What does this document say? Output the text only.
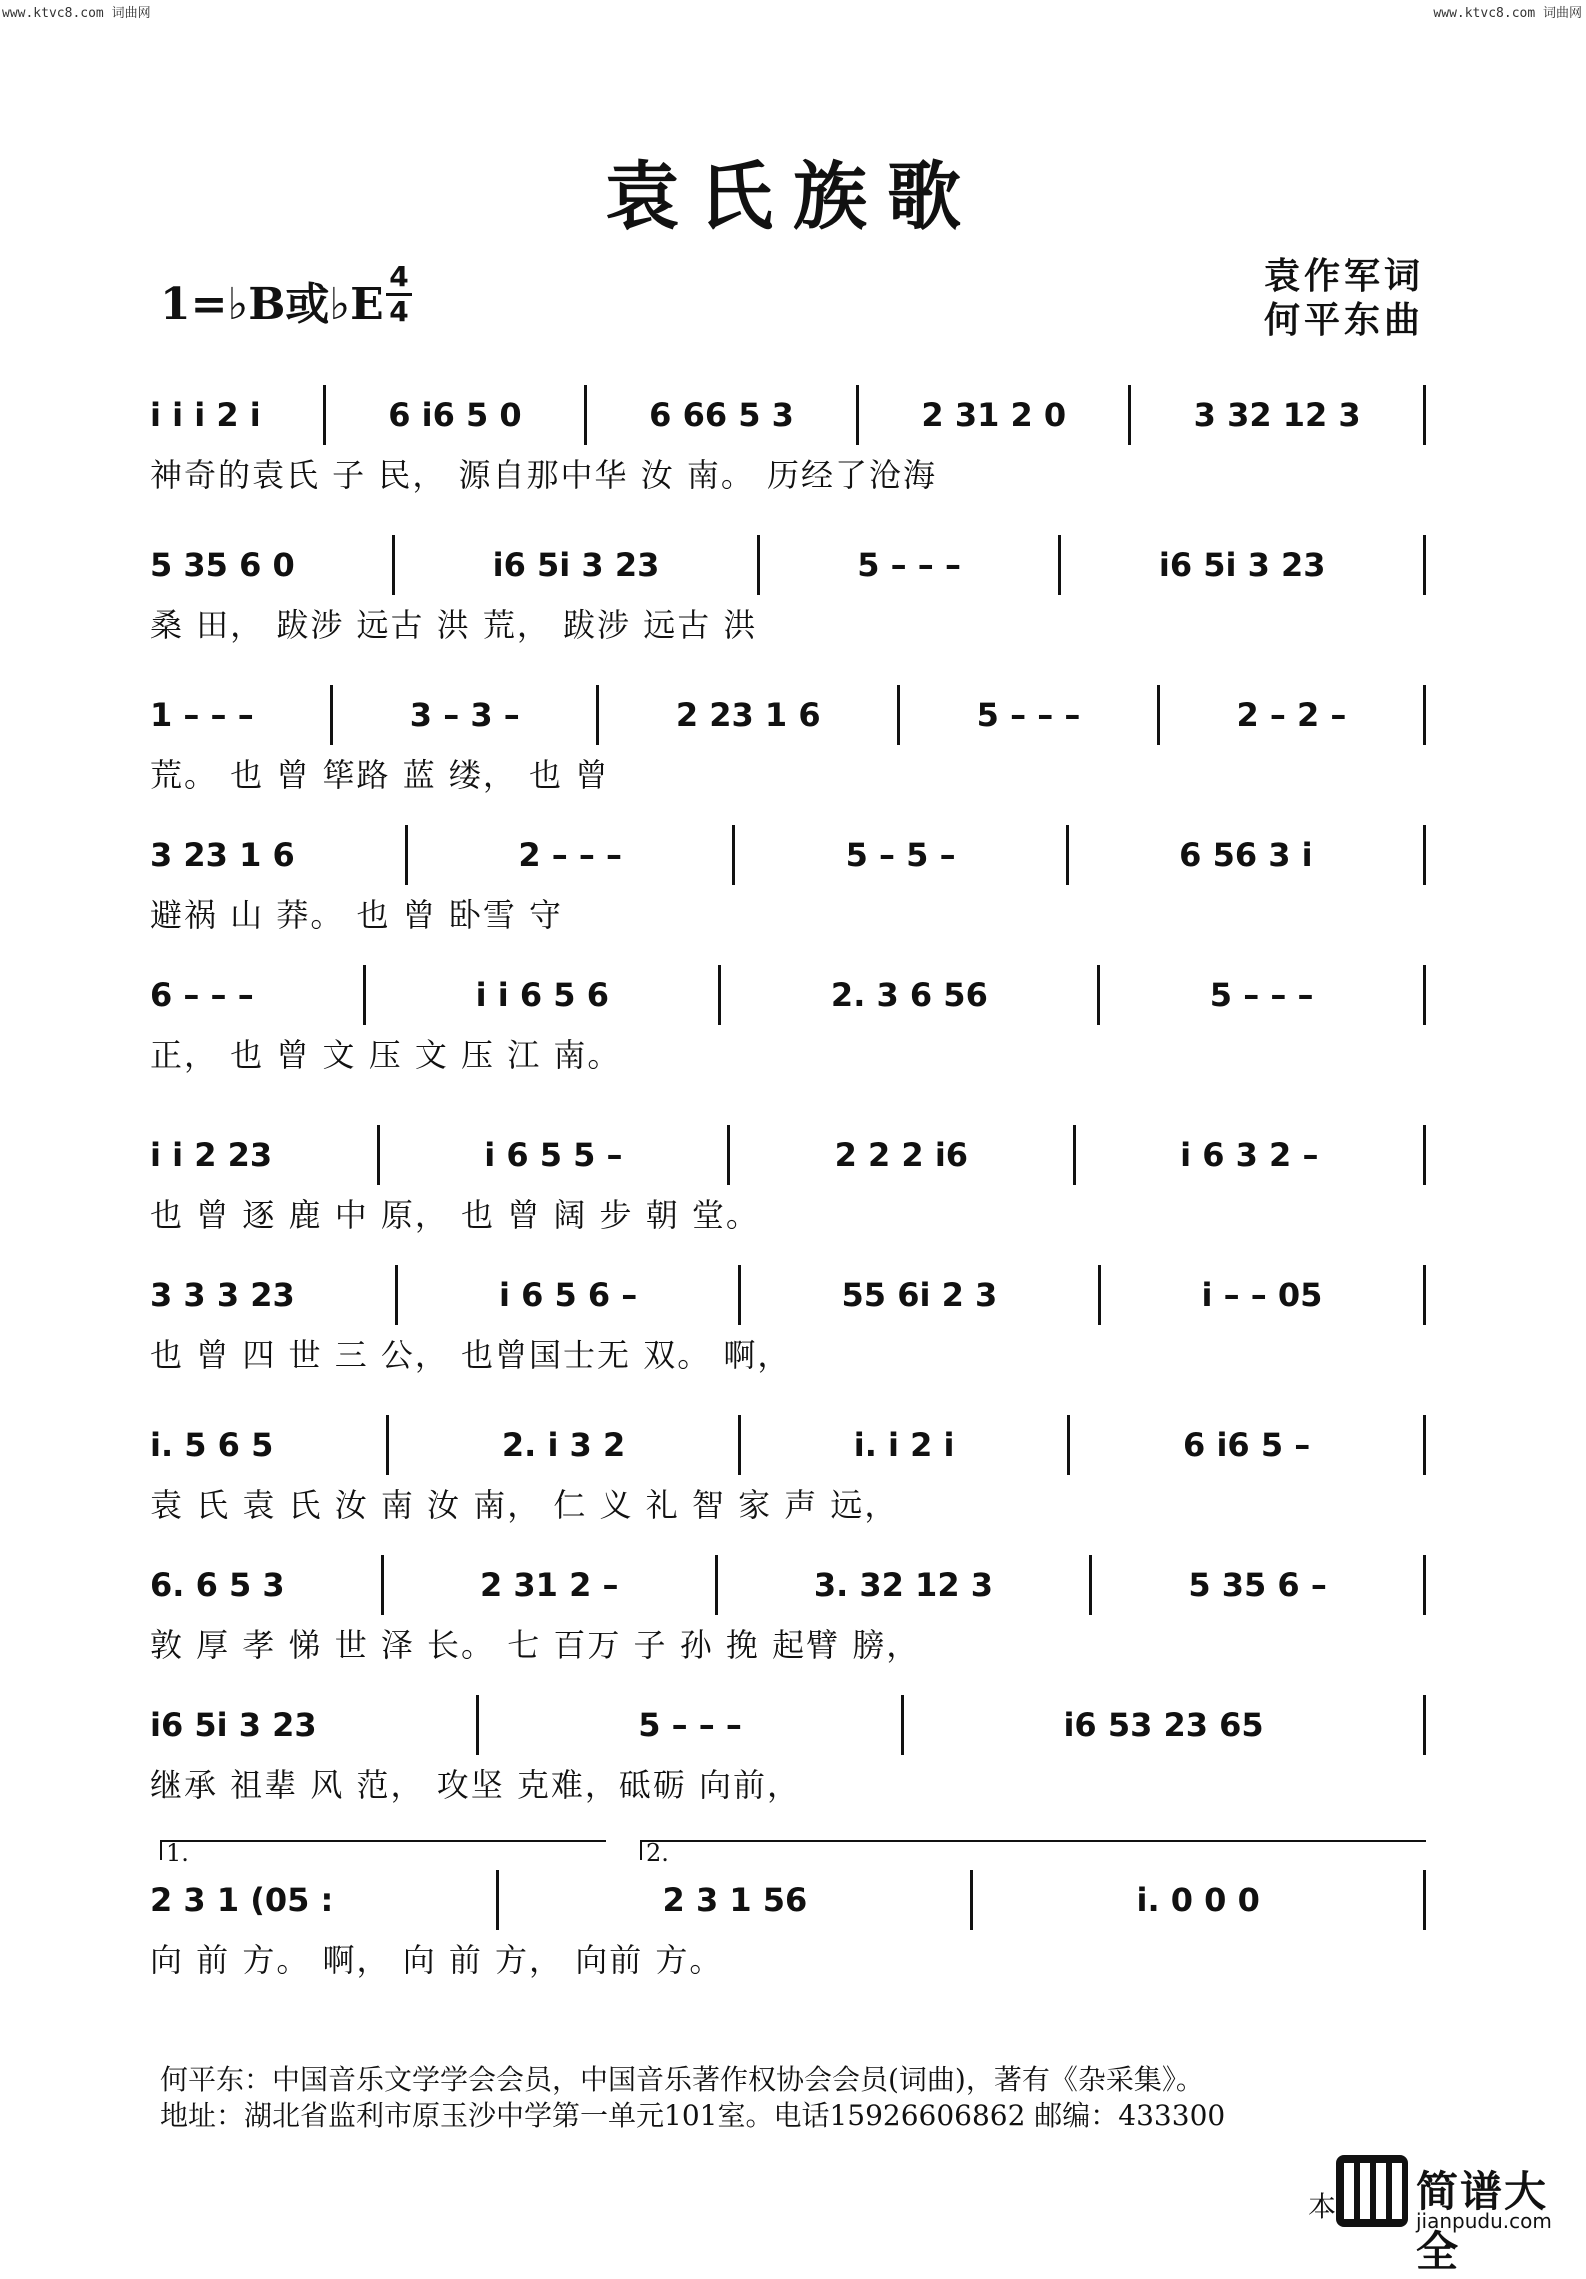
www.ktvc8.com 词曲网	www.ktvc8.com 词曲网
袁氏族歌
1=♭B或♭E
4
4
袁作军词
何平东曲
i i i 2 i	6 i6 5 0	6 66 5 3	2 31 2 0	3 32 12 3
神奇的袁氏 子 民， 源自那中华 汝 南。 历经了沧海
5 35 6 0	i6 5i 3 23	5 – – –	i6 5i 3 23
桑 田， 跋涉 远古 洪 荒， 跋涉 远古 洪
1 – – –	3 – 3 –	2 23 1 6	5 – – –	2 – 2 –
荒。 也 曾 筚路 蓝 缕， 也 曾
3 23 1 6	2 – – –	5 – 5 –	6 56 3 i
避祸 山 莽。 也 曾 卧雪 守
6 – – –	i i 6 5 6	2. 3 6 56	5 – – –
正， 也 曾 文 压 文 压 江 南。
i i 2 23	i 6 5 5 –	2 2 2 i6	i 6 3 2 –
也 曾 逐 鹿 中 原， 也 曾 阔 步 朝 堂。
3 3 3 23	i 6 5 6 –	55 6i 2 3	i – – 05
也 曾 四 世 三 公， 也曾国士无 双。 啊，
i. 5 6 5	2. i 3 2	i. i 2 i	6 i6 5 –
袁 氏 袁 氏 汝 南 汝 南， 仁 义 礼 智 家 声 远，
6. 6 5 3	2 31 2 –	3. 32 12 3	5 35 6 –
敦 厚 孝 悌 世 泽 长。 七 百万 子 孙 挽 起臂 膀，
i6 5i 3 23	5 – – –	i6 53 23 65
继承 祖辈 风 范， 攻坚 克难，砥砺 向前，
2 3 1 (05 :	2 3 1 56	i. 0 0 0
向 前 方。 啊， 向 前 方， 向前 方。
1.	2.
何平东：中国音乐文学学会会员，中国音乐著作权协会会员(词曲)，著有《杂采集》。
地址：湖北省监利市原玉沙中学第一单元101室。电话15926606862 邮编：433300
本 简谱大全
jianpudu.com
